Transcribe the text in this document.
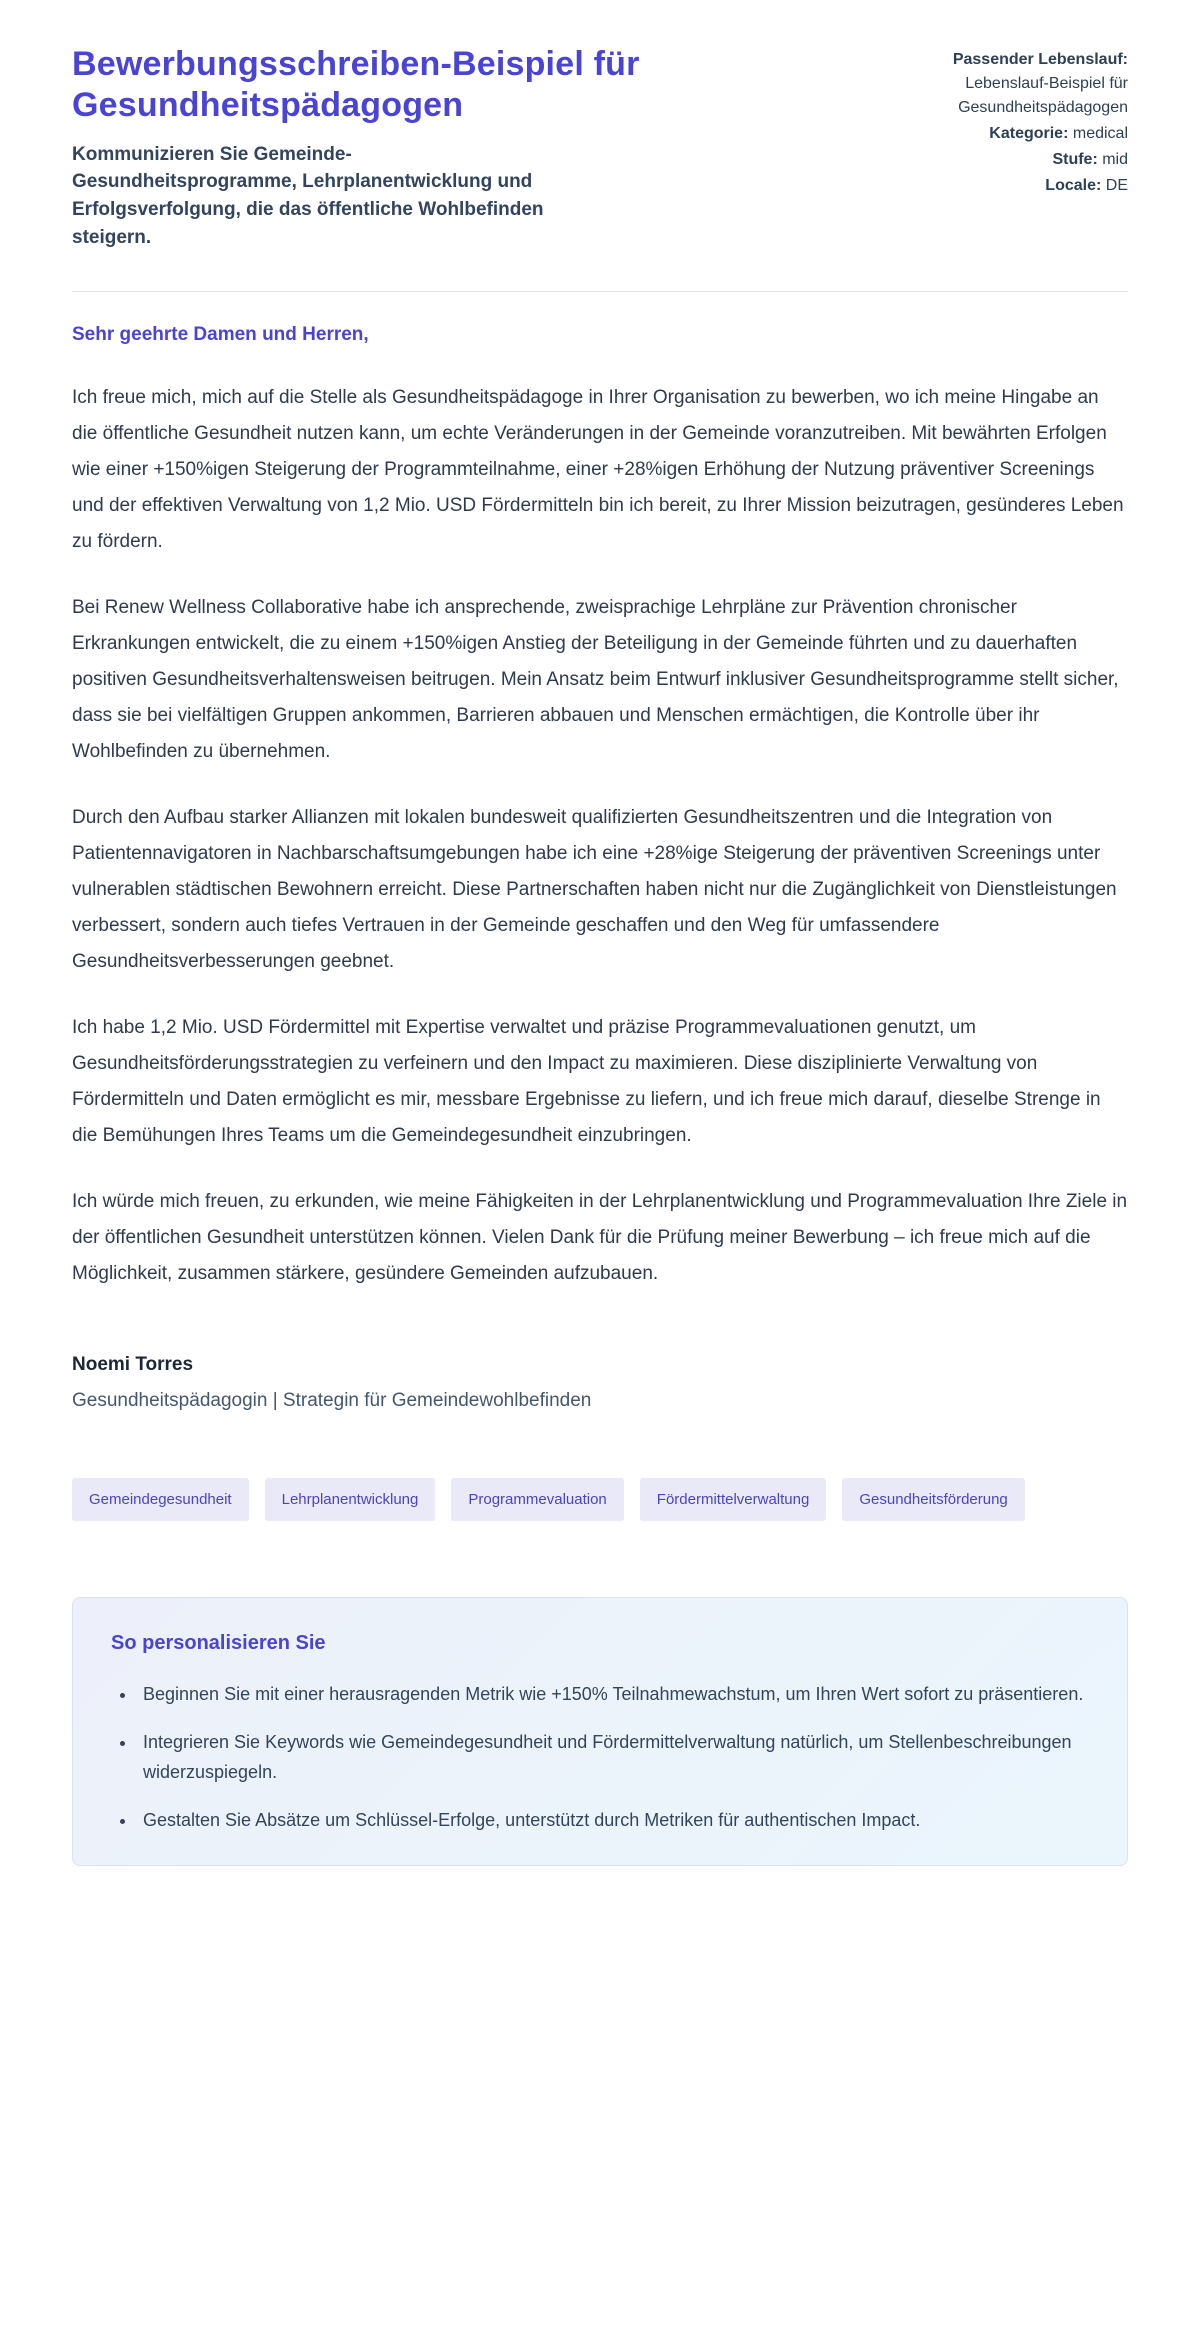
Bewerbungsschreiben-Beispiel für Gesundheitspädagogen

Kommunizieren Sie Gemeinde-Gesundheitsprogramme, Lehrplanentwicklung und Erfolgsverfolgung, die das öffentliche Wohlbefinden steigern.

Passender Lebenslauf:
Lebenslauf-Beispiel für Gesundheitspädagogen
Kategorie: medical
Stufe: mid
Locale: DE

Sehr geehrte Damen und Herren,

Ich freue mich, mich auf die Stelle als Gesundheitspädagoge in Ihrer Organisation zu bewerben, wo ich meine Hingabe an die öffentliche Gesundheit nutzen kann, um echte Veränderungen in der Gemeinde voranzutreiben. Mit bewährten Erfolgen wie einer +150%igen Steigerung der Programmteilnahme, einer +28%igen Erhöhung der Nutzung präventiver Screenings und der effektiven Verwaltung von 1,2 Mio. USD Fördermitteln bin ich bereit, zu Ihrer Mission beizutragen, gesünderes Leben zu fördern.

Bei Renew Wellness Collaborative habe ich ansprechende, zweisprachige Lehrpläne zur Prävention chronischer Erkrankungen entwickelt, die zu einem +150%igen Anstieg der Beteiligung in der Gemeinde führten und zu dauerhaften positiven Gesundheitsverhaltensweisen beitrugen. Mein Ansatz beim Entwurf inklusiver Gesundheitsprogramme stellt sicher, dass sie bei vielfältigen Gruppen ankommen, Barrieren abbauen und Menschen ermächtigen, die Kontrolle über ihr Wohlbefinden zu übernehmen.

Durch den Aufbau starker Allianzen mit lokalen bundesweit qualifizierten Gesundheitszentren und die Integration von Patientennavigatoren in Nachbarschaftsumgebungen habe ich eine +28%ige Steigerung der präventiven Screenings unter vulnerablen städtischen Bewohnern erreicht. Diese Partnerschaften haben nicht nur die Zugänglichkeit von Dienstleistungen verbessert, sondern auch tiefes Vertrauen in der Gemeinde geschaffen und den Weg für umfassendere Gesundheitsverbesserungen geebnet.

Ich habe 1,2 Mio. USD Fördermittel mit Expertise verwaltet und präzise Programmevaluationen genutzt, um Gesundheitsförderungsstrategien zu verfeinern und den Impact zu maximieren. Diese disziplinierte Verwaltung von Fördermitteln und Daten ermöglicht es mir, messbare Ergebnisse zu liefern, und ich freue mich darauf, dieselbe Strenge in die Bemühungen Ihres Teams um die Gemeindegesundheit einzubringen.

Ich würde mich freuen, zu erkunden, wie meine Fähigkeiten in der Lehrplanentwicklung und Programmevaluation Ihre Ziele in der öffentlichen Gesundheit unterstützen können. Vielen Dank für die Prüfung meiner Bewerbung – ich freue mich auf die Möglichkeit, zusammen stärkere, gesündere Gemeinden aufzubauen.

Noemi Torres

Gesundheitspädagogin | Strategin für Gemeindewohlbefinden

Gemeindegesundheit	Lehrplanentwicklung	Programmevaluation	Fördermittelverwaltung	Gesundheitsförderung
So personalisieren Sie
• Beginnen Sie mit einer herausragenden Metrik wie +150% Teilnahmewachstum, um Ihren Wert sofort zu präsentieren.
• Integrieren Sie Keywords wie Gemeindegesundheit und Fördermittelverwaltung natürlich, um Stellenbeschreibungen widerzuspiegeln.
• Gestalten Sie Absätze um Schlüssel-Erfolge, unterstützt durch Metriken für authentischen Impact.
